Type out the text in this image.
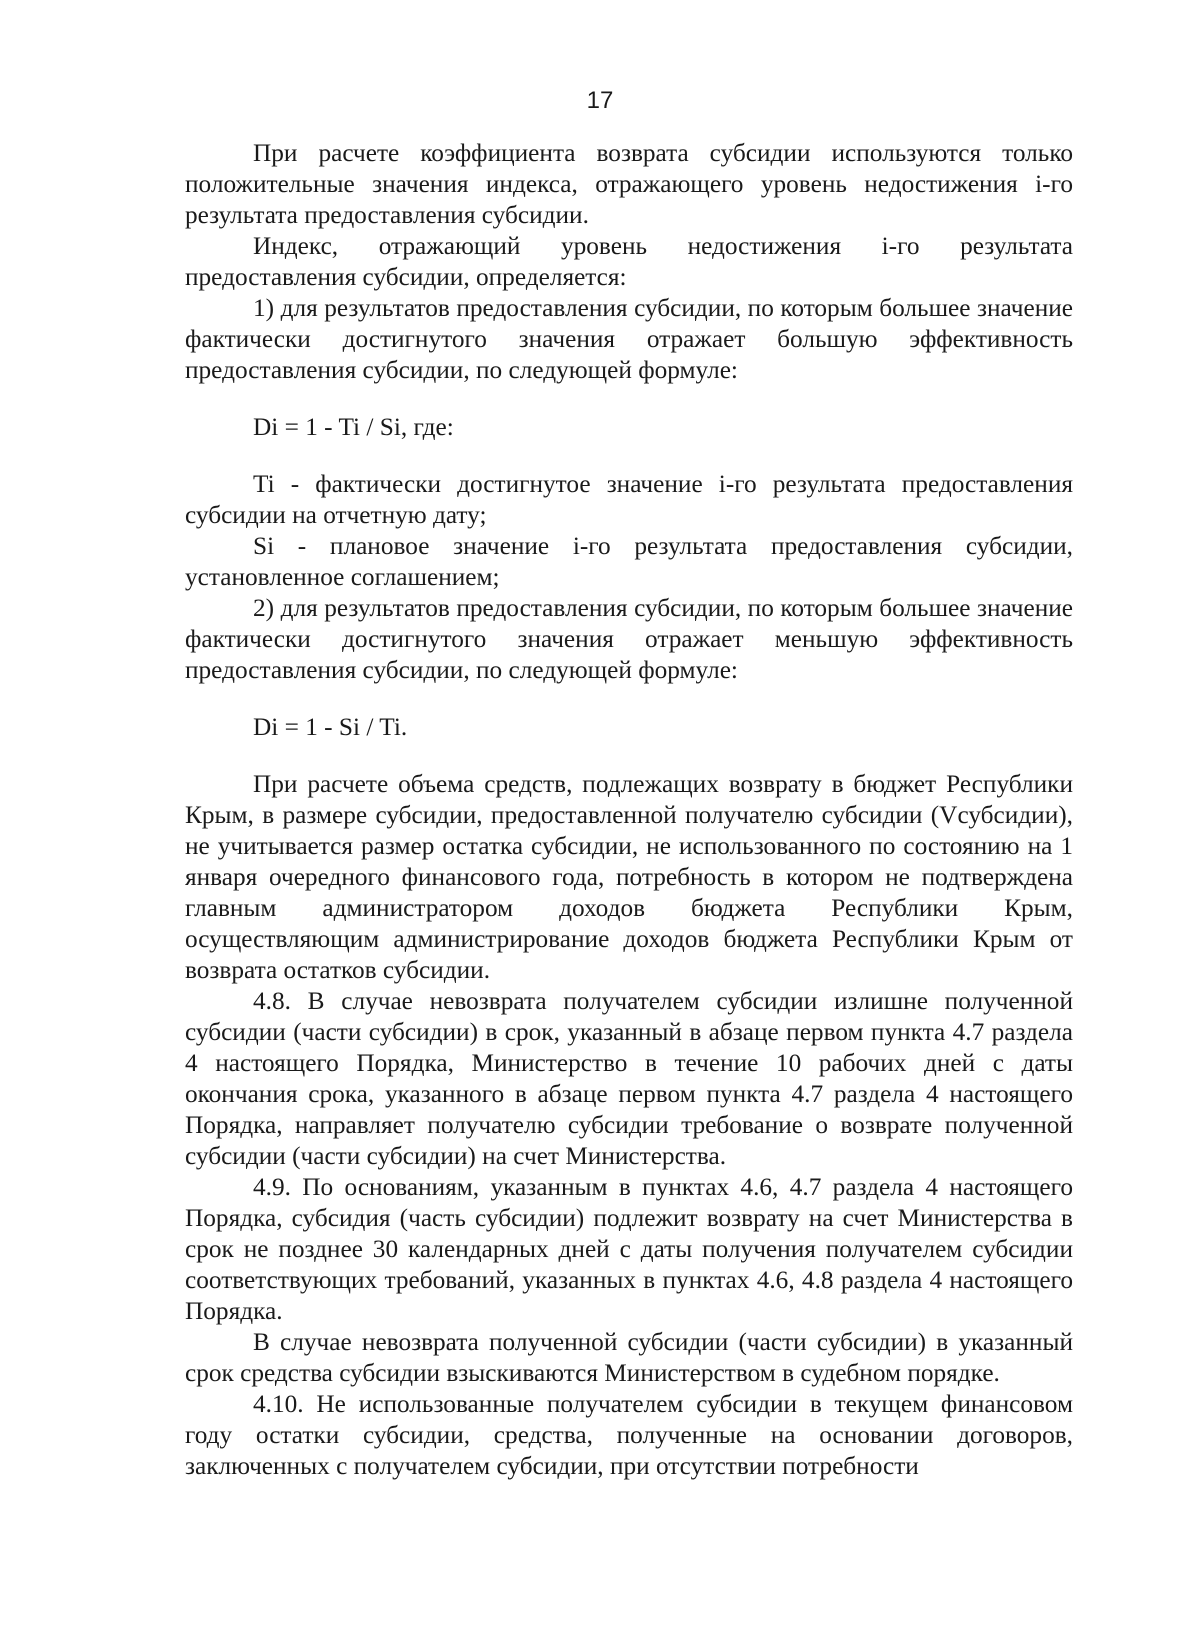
17

При расчете коэффициента возврата субсидии используются только положительные значения индекса, отражающего уровень недостижения i-го результата предоставления субсидии.

Индекс, отражающий уровень недостижения i-го результата предоставления субсидии, определяется:

1) для результатов предоставления субсидии, по которым большее значение фактически достигнутого значения отражает большую эффективность предоставления субсидии, по следующей формуле:

Di = 1 - Ti / Si, где:

Ti - фактически достигнутое значение i-го результата предоставления субсидии на отчетную дату;

Si - плановое значение i-го результата предоставления субсидии, установленное соглашением;

2) для результатов предоставления субсидии, по которым большее значение фактически достигнутого значения отражает меньшую эффективность предоставления субсидии, по следующей формуле:

Di = 1 - Si / Ti.

При расчете объема средств, подлежащих возврату в бюджет Республики Крым, в размере субсидии, предоставленной получателю субсидии (Vсубсидии), не учитывается размер остатка субсидии, не использованного по состоянию на 1 января очередного финансового года, потребность в котором не подтверждена главным администратором доходов бюджета Республики Крым, осуществляющим администрирование доходов бюджета Республики Крым от возврата остатков субсидии.

4.8. В случае невозврата получателем субсидии излишне полученной субсидии (части субсидии) в срок, указанный в абзаце первом пункта 4.7 раздела 4 настоящего Порядка, Министерство в течение 10 рабочих дней с даты окончания срока, указанного в абзаце первом пункта 4.7 раздела 4 настоящего Порядка, направляет получателю субсидии требование о возврате полученной субсидии (части субсидии) на счет Министерства.

4.9. По основаниям, указанным в пунктах 4.6, 4.7 раздела 4 настоящего Порядка, субсидия (часть субсидии) подлежит возврату на счет Министерства в срок не позднее 30 календарных дней с даты получения получателем субсидии соответствующих требований, указанных в пунктах 4.6, 4.8 раздела 4 настоящего Порядка.

В случае невозврата полученной субсидии (части субсидии) в указанный срок средства субсидии взыскиваются Министерством в судебном порядке.

4.10. Не использованные получателем субсидии в текущем финансовом году остатки субсидии, средства, полученные на основании договоров, заключенных с получателем субсидии, при отсутствии потребности
